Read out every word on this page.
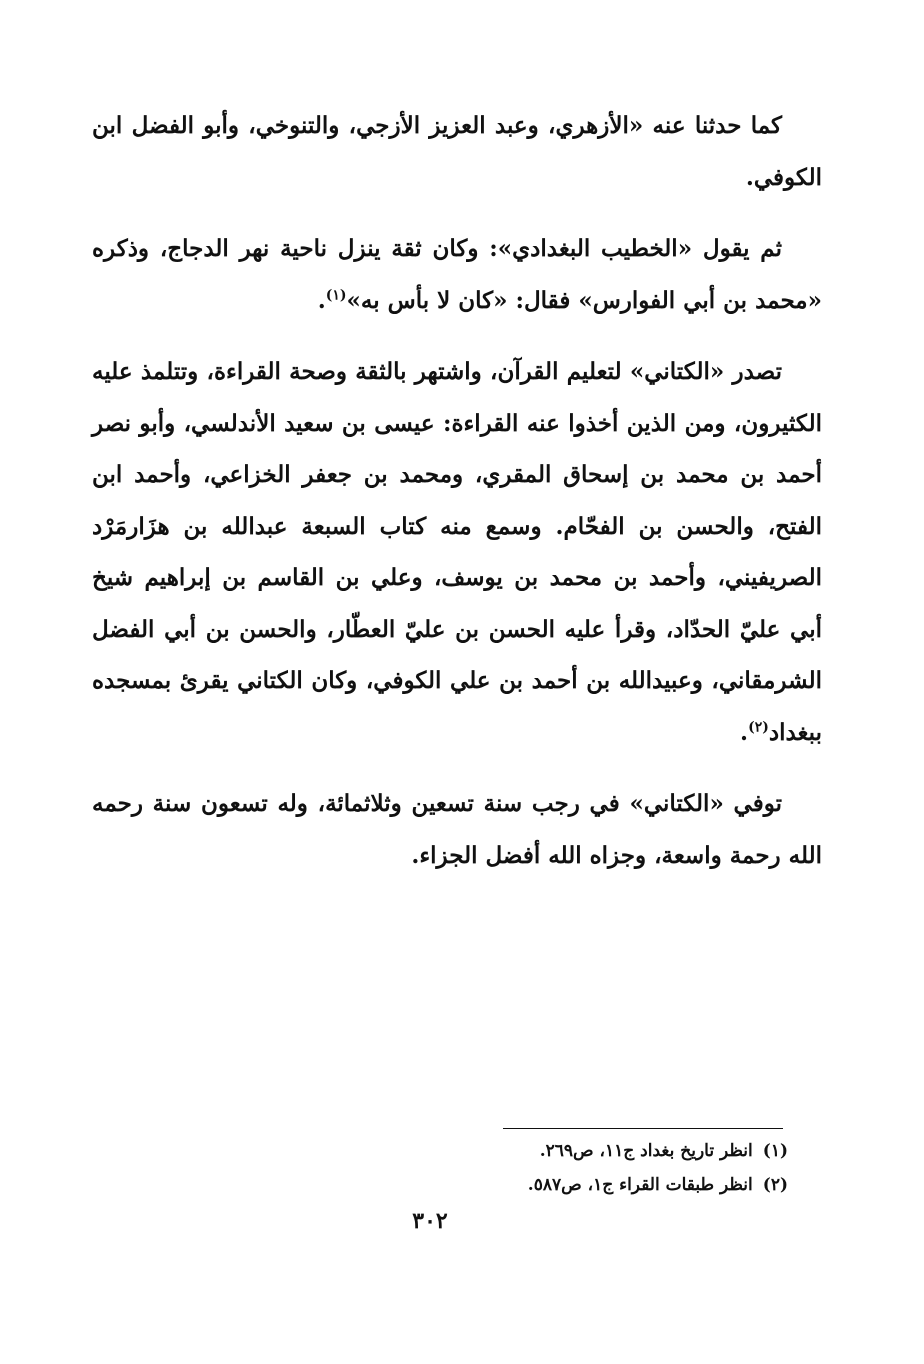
كما حدثنا عنه «الأزهري، وعبد العزيز الأزجي، والتنوخي، وأبو الفضل ابن الكوفي.

ثم يقول «الخطيب البغدادي»: وكان ثقة ينزل ناحية نهر الدجاج، وذكره «محمد بن أبي الفوارس» فقال: «كان لا بأس به»$^{(١)}$.

تصدر «الكتاني» لتعليم القرآن، واشتهر بالثقة وصحة القراءة، وتتلمذ عليه الكثيرون، ومن الذين أخذوا عنه القراءة: عيسى بن سعيد الأندلسي، وأبو نصر أحمد بن محمد بن إسحاق المقري، ومحمد بن جعفر الخزاعي، وأحمد ابن الفتح، والحسن بن الفحّام. وسمع منه كتاب السبعة عبدالله بن هزَارمَرْد الصريفيني، وأحمد بن محمد بن يوسف، وعلي بن القاسم بن إبراهيم شيخ أبي عليّ الحدّاد، وقرأ عليه الحسن بن عليّ العطّار، والحسن بن أبي الفضل الشرمقاني، وعبيدالله بن أحمد بن علي الكوفي، وكان الكتاني يقرئ بمسجده ببغداد$^{(٢)}$.

توفي «الكتاني» في رجب سنة تسعين وثلاثمائة، وله تسعون سنة رحمه الله رحمة واسعة، وجزاه الله أفضل الجزاء.

(١)انظر تاريخ بغداد ج١١، ص٢٦٩.
(٢)انظر طبقات القراء ج١، ص٥٨٧.
٣٠٢
